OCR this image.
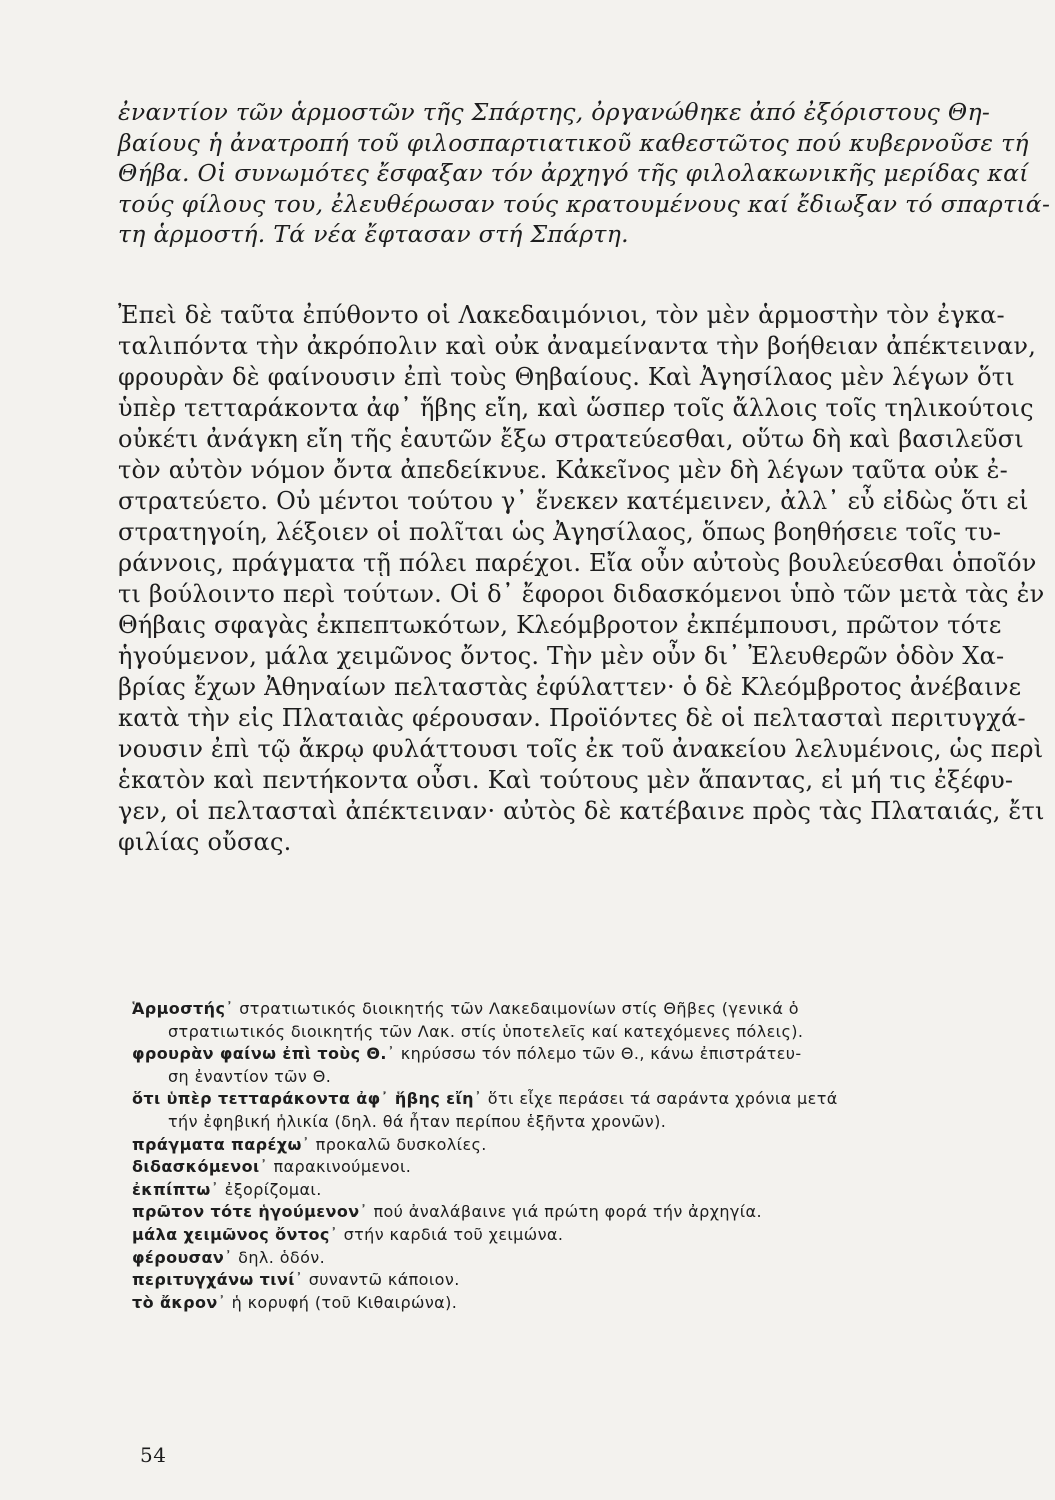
ἐναντίον τῶν ἁρμοστῶν τῆς Σπάρτης, ὀργανώθηκε ἀπό ἐξόριστους Θη-
βαίους ἡ ἀνατροπή τοῦ φιλοσπαρτιατικοῦ καθεστῶτος πού κυβερνοῦσε τή
Θήβα. Οἱ συνωμότες ἔσφαξαν τόν ἀρχηγό τῆς φιλολακωνικῆς μερίδας καί
τούς φίλους του, ἐλευθέρωσαν τούς κρατουμένους καί ἔδιωξαν τό σπαρτιά-
τη ἁρμοστή. Τά νέα ἔφτασαν στή Σπάρτη.
Ἐπεὶ δὲ ταῦτα ἐπύθοντο οἱ Λακεδαιμόνιοι, τὸν μὲν ἁρμοστὴν τὸν ἐγκα-
ταλιπόντα τὴν ἀκρόπολιν καὶ οὐκ ἀναμείναντα τὴν βοήθειαν ἀπέκτειναν,
φρουρὰν δὲ φαίνουσιν ἐπὶ τοὺς Θηβαίους. Καὶ Ἀγησίλαος μὲν λέγων ὅτι
ὑπὲρ τετταράκοντα ἀφ᾽ ἥβης εἴη, καὶ ὥσπερ τοῖς ἄλλοις τοῖς τηλικούτοις
οὐκέτι ἀνάγκη εἴη τῆς ἑαυτῶν ἔξω στρατεύεσθαι, οὕτω δὴ καὶ βασιλεῦσι
τὸν αὐτὸν νόμον ὄντα ἀπεδείκνυε. Κἀκεῖνος μὲν δὴ λέγων ταῦτα οὐκ ἐ-
στρατεύετο. Οὐ μέντοι τούτου γ᾽ ἕνεκεν κατέμεινεν, ἀλλ᾽ εὖ εἰδὼς ὅτι εἰ
στρατηγοίη, λέξοιεν οἱ πολῖται ὡς Ἀγησίλαος, ὅπως βοηθήσειε τοῖς τυ-
ράννοις, πράγματα τῇ πόλει παρέχοι. Εἴα οὖν αὐτοὺς βουλεύεσθαι ὁποῖόν
τι βούλοιντο περὶ τούτων. Οἱ δ᾽ ἔφοροι διδασκόμενοι ὑπὸ τῶν μετὰ τὰς ἐν
Θήβαις σφαγὰς ἐκπεπτωκότων, Κλεόμβροτον ἐκπέμπουσι, πρῶτον τότε
ἡγούμενον, μάλα χειμῶνος ὄντος. Τὴν μὲν οὖν δι᾽ Ἐλευθερῶν ὁδὸν Χα-
βρίας ἔχων Ἀθηναίων πελταστὰς ἐφύλαττεν· ὁ δὲ Κλεόμβροτος ἀνέβαινε
κατὰ τὴν εἰς Πλαταιὰς φέρουσαν. Προϊόντες δὲ οἱ πελτασταὶ περιτυγχά-
νουσιν ἐπὶ τῷ ἄκρῳ φυλάττουσι τοῖς ἐκ τοῦ ἀνακείου λελυμένοις, ὡς περὶ
ἑκατὸν καὶ πεντήκοντα οὖσι. Καὶ τούτους μὲν ἅπαντας, εἰ μή τις ἐξέφυ-
γεν, οἱ πελτασταὶ ἀπέκτειναν· αὐτὸς δὲ κατέβαινε πρὸς τὰς Πλαταιάς, ἔτι
φιλίας οὔσας.
Ἁρμοστής᾽ στρατιωτικός διοικητής τῶν Λακεδαιμονίων στίς Θῆβες (γενικά ὁ
στρατιωτικός διοικητής τῶν Λακ. στίς ὑποτελεῖς καί κατεχόμενες πόλεις).
φρουρὰν φαίνω ἐπὶ τοὺς Θ.᾽ κηρύσσω τόν πόλεμο τῶν Θ., κάνω ἐπιστράτευ-
ση ἐναντίον τῶν Θ.
ὅτι ὑπὲρ τετταράκοντα ἀφ᾽ ἥβης εἴη᾽ ὅτι εἶχε περάσει τά σαράντα χρόνια μετά
τήν ἐφηβική ἡλικία (δηλ. θά ἦταν περίπου ἑξῆντα χρονῶν).
πράγματα παρέχω᾽ προκαλῶ δυσκολίες.
διδασκόμενοι᾽ παρακινούμενοι.
ἐκπίπτω᾽ ἐξορίζομαι.
πρῶτον τότε ἡγούμενον᾽ πού ἀναλάβαινε γιά πρώτη φορά τήν ἀρχηγία.
μάλα χειμῶνος ὄντος᾽ στήν καρδιά τοῦ χειμώνα.
φέρουσαν᾽ δηλ. ὁδόν.
περιτυγχάνω τινί᾽ συναντῶ κάποιον.
τὸ ἄκρον᾽ ἡ κορυφή (τοῦ Κιθαιρώνα).
54
